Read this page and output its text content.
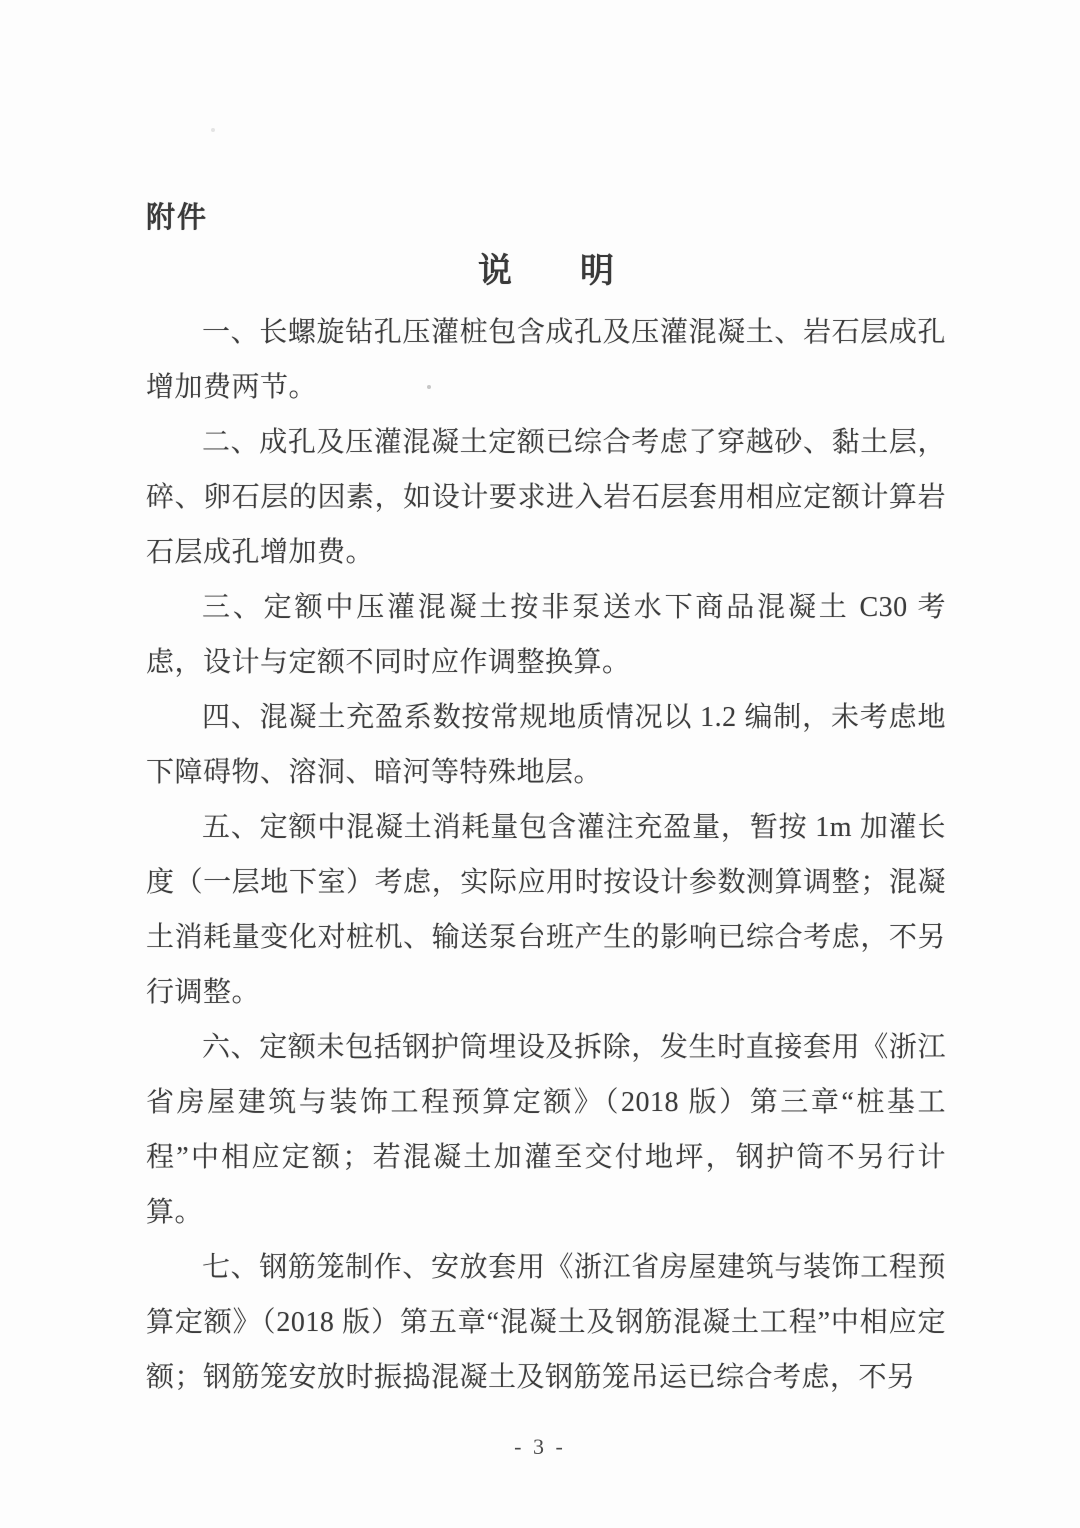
附件
说　　明

一、长螺旋钻孔压灌桩包含成孔及压灌混凝土、岩石层成孔增加费两节。

二、成孔及压灌混凝土定额已综合考虑了穿越砂、黏土层，碎、卵石层的因素，如设计要求进入岩石层套用相应定额计算岩石层成孔增加费。

三、定额中压灌混凝土按非泵送水下商品混凝土 C30 考虑，设计与定额不同时应作调整换算。

四、混凝土充盈系数按常规地质情况以 1.2 编制，未考虑地下障碍物、溶洞、暗河等特殊地层。

五、定额中混凝土消耗量包含灌注充盈量，暂按 1m 加灌长度（一层地下室）考虑，实际应用时按设计参数测算调整；混凝土消耗量变化对桩机、输送泵台班产生的影响已综合考虑，不另行调整。

六、定额未包括钢护筒埋设及拆除，发生时直接套用《浙江省房屋建筑与装饰工程预算定额》（2018 版）第三章“桩基工程”中相应定额；若混凝土加灌至交付地坪，钢护筒不另行计算。

七、钢筋笼制作、安放套用《浙江省房屋建筑与装饰工程预算定额》（2018 版）第五章“混凝土及钢筋混凝土工程”中相应定额；钢筋笼安放时振捣混凝土及钢筋笼吊运已综合考虑，不另

- 3 -
